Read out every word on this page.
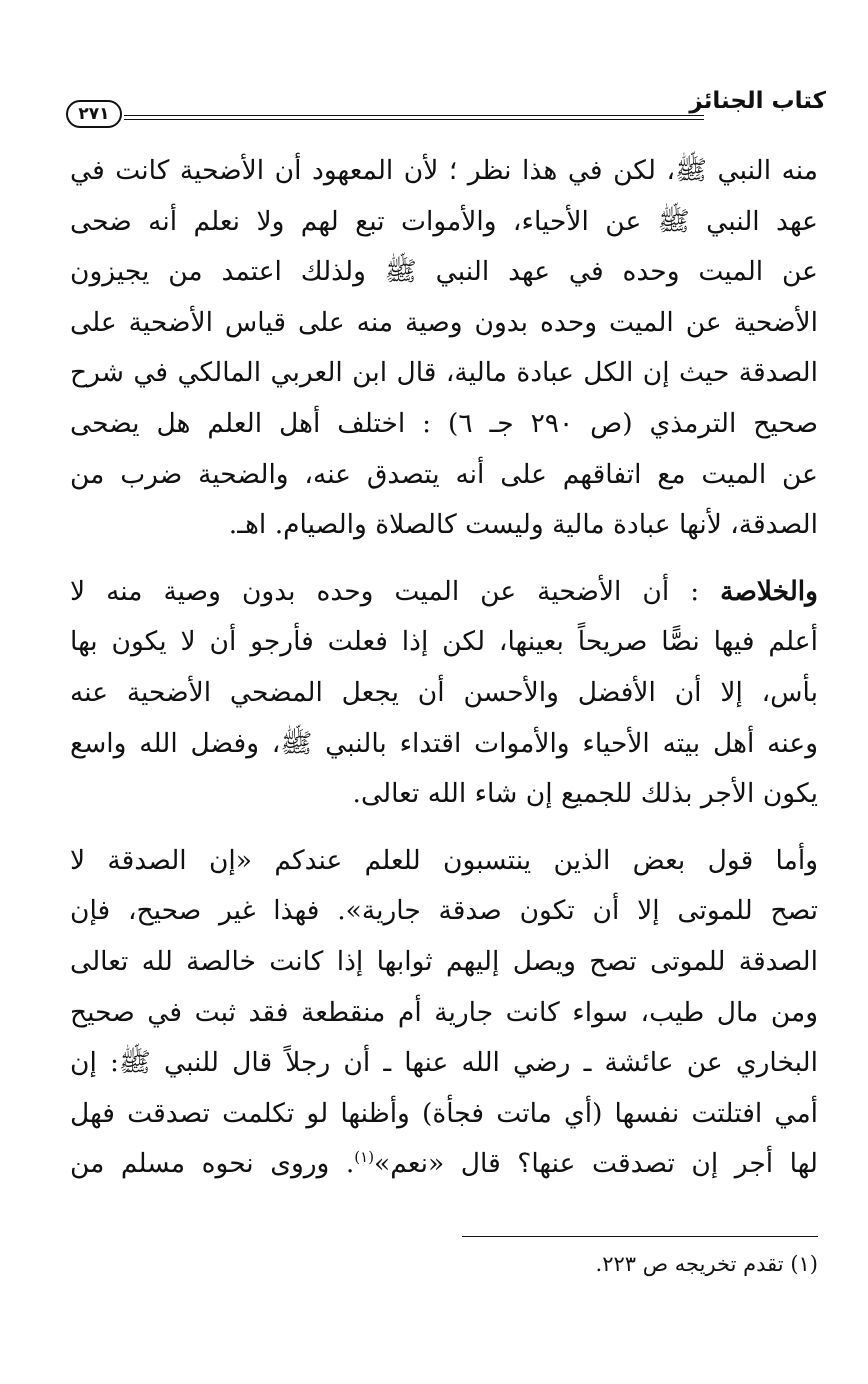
كتاب الجنائز
٢٧١
منه النبي ﷺ، لكن في هذا نظر ؛ لأن المعهود أن الأضحية كانت في
عهد النبي ﷺ عن الأحياء، والأموات تبع لهم ولا نعلم أنه ضحى
عن الميت وحده في عهد النبي ﷺ ولذلك اعتمد من يجيزون
الأضحية عن الميت وحده بدون وصية منه على قياس الأضحية على
الصدقة حيث إن الكل عبادة مالية، قال ابن العربي المالكي في شرح
صحيح الترمذي (ص ٢٩٠ جـ ٦) : اختلف أهل العلم هل يضحى
عن الميت مع اتفاقهم على أنه يتصدق عنه، والضحية ضرب من
الصدقة، لأنها عبادة مالية وليست كالصلاة والصيام. اهـ.
والخلاصة : أن الأضحية عن الميت وحده بدون وصية منه لا
أعلم فيها نصًّا صريحاً بعينها، لكن إذا فعلت فأرجو أن لا يكون بها
بأس، إلا أن الأفضل والأحسن أن يجعل المضحي الأضحية عنه
وعنه أهل بيته الأحياء والأموات اقتداء بالنبي ﷺ، وفضل الله واسع
يكون الأجر بذلك للجميع إن شاء الله تعالى.
وأما قول بعض الذين ينتسبون للعلم عندكم «إن الصدقة لا
تصح للموتى إلا أن تكون صدقة جارية». فهذا غير صحيح، فإن
الصدقة للموتى تصح ويصل إليهم ثوابها إذا كانت خالصة لله تعالى
ومن مال طيب، سواء كانت جارية أم منقطعة فقد ثبت في صحيح
البخاري عن عائشة ـ رضي الله عنها ـ أن رجلاً قال للنبي ﷺ: إن
أمي افتلتت نفسها (أي ماتت فجأة) وأظنها لو تكلمت تصدقت فهل
لها أجر إن تصدقت عنها؟ قال «نعم»$^{(١)}$. وروى نحوه مسلم من
(١) تقدم تخريجه ص ٢٢٣.
